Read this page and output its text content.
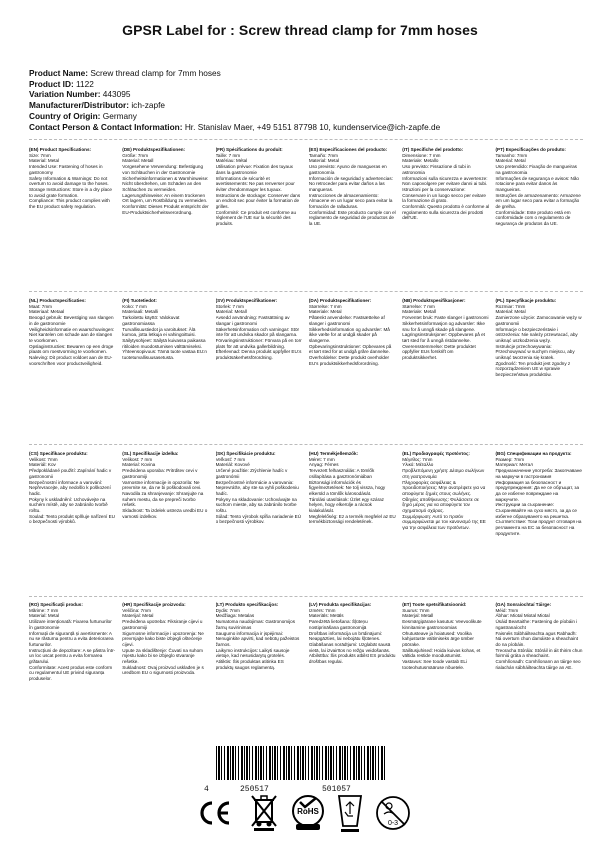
GPSR Label for : Screw thread clamp for 7mm hoses
Product Name: Screw thread clamp for 7mm hoses
Product ID: 1122
Variation Number: 443095
Manufacturer/Distributor: ich-zapfe
Country of Origin: Germany
Contact Person & Contact Information: Hr. Stanislav Maer, +49 5151 87798 10, kundenservice@ich-zapfe.de
(EN) Product Specifications:
Size: 7mm
Material: Metal
Intended Use: Fastening of hoses in gastronomy
Safety Information & Warnings: Do not overturn to avoid damage to the hoses.
Storage Instructions: Store in a dry place to avoid grate formation.
Compliance: This product complies with the EU product safety regulation.
(DE) Produktspezifikationen:
Größe: 7mm
Material: Metall
Vorgesehene Verwendung: Befestigung von Schläuchen in der Gastronomie
Sicherheitsinformationen & Warnhinweise: Nicht überdrehen, um Schäden an den Schläuchen zu vermeiden.
Lagerungshinweise: An einem trockenen Ort lagern, um Rostbildung zu vermeiden.
Konformität: Dieses Produkt entspricht der EU-Produktsicherheitsverordnung.
(FR) Spécifications du produit:
Taille: 7 mm
Matériau: Métal
Utilisation prévue: Fixation des tuyaux dans la gastronomie
Informations de sécurité et avertissements: Ne pas renverser pour éviter d'endommager les tuyaux.
Instructions de stockage: Conserver dans un endroit sec pour éviter la formation de grilles.
Conformité: Ce produit est conforme au règlement de l'UE sur la sécurité des produits.
(ES) Especificaciones del producto:
Tamaño: 7mm
Material: Metal
Uso previsto: Ayuno de mangueras en gastronomía
Información de seguridad y advertencias: No retroceder para evitar daños a las mangueras.
Instrucciones de almacenamiento: Almacene en un lugar seco para evitar la formación de ralladuras.
Conformidad: Este producto cumple con el reglamento de seguridad de productos de la UE.
(IT) Specifiche del prodotto:
Dimensione: 7 mm
Materiale: Metallo
Uso previsto: Fissazione di tubi in astronomia
Informazioni sulla sicurezza e avvertenze: Non capovolgere per evitare danni ai tubi.
Istruzioni per la conservazione: Conservare in un luogo secco per evitare la formazione di grato.
Conformità: Questo prodotto è conforme al regolamento sulla sicurezza dei prodotti dell'UE.
(PT) Especificações do produto:
Tamanho: 7mm
Material: Metal
Uso pretendido: Fixação de mangueiras na gastronomia
Informações de segurança e avisos: Não rotacione para evitar danos às mangueiras.
Instruções de armazenamento: Armazene em um lugar seco para evitar a formação de grelha.
Conformidade: Este produto está em conformidade com o regulamento de segurança de produtos da UE.
(NL) Productspecificaties:
Maat: 7mm
Materiaal: Metaal
Beoogd gebruik: Bevestiging van slangen in de gastronomie
Veiligheidsinformatie en waarschuwingen: Niet kantelen om schade aan de slangen te voorkomen.
Opslaginstructies: Bewaren op een droge plaats om roestvorming te voorkomen.
Naleving: Dit product voldoet aan de EU-voorschriften voor productveiligheid.
(FI) Tuotetiedot:
Koko: 7 mm
Materiaali: Metalli
Tarkoitettu käyttö: Valokuvat gastronomiassa
Turvallisuustiedot ja varoitukset: Älä kumoa, jotta letkuja ei vahingoittuisi.
Säilytysohjeet: Säilytä kuivassa paikassa ritiloiden muodostumisen välttämiseksi.
Yhteensopivuus: Tämä tuote vastaa EU:n tuoteturvallisuusasetusta.
(SV) Produktspecifikationer:
Storlek: 7 mm
Material: Metall
Avsedd användning: Fastsättning av slangar i gastronomi
Säkerhetsinformation och varningar: Stör inte för att undvika skador på slangarna.
Förvaringsinstruktioner: Förvara på en torr plats för att undvika gallerbildning.
Efterlevnad: Denna produkt uppfyller EU:s produktsäkerhetsförordning.
(DA) Produktspecifikationer:
Størrelse: 7 mm
Materiale: Metal
Påtænkt anvendelse: Fastsættelse af slanger i gastronomi
Sikkerhedsinformation og advarsler: Må ikke vælte for at undgå skader på slangerne.
Opbevaringsinstruktioner: Opbevares på et tørt sted for at undgå gråre dannelse.
Overholdelse: Dette produkt overholder EU's produktsikkerhedsforordning.
(NB) Produktspesifikasjoner:
Størrelse: 7 mm
Materiale: Metall
Forventet bruk: Faste slanger i gastronomi
Sikkerhetsinformasjon og advarsler: Ikke snu for å unngå skade på slangene.
Lagringsinstruksjoner: Oppbevares på et tørt sted for å unngå ristdannelse.
Overensstemmelse: Dette produktet oppfyller EUs forskrift om produktsikkerhet.
(PL) Specyfikacje produktu:
Rozmiar: 7mm
Materiał: Metal
Zamierzone użycie: Zamocowanie węży w gastronomii
Informacje o bezpieczeństwie i ostrzeżenia: Nie należy przewracać, aby uniknąć uszkodzenia węży.
Instrukcje przechowywania: Przechowywać w suchym miejscu, aby uniknąć tworzenia się kratek.
Zgodność: Ten produkt jest zgodny z rozporządzeniem UE w sprawie bezpieczeństwa produktów.
(CS) Specifikace produktu:
Velikost: 7mm
Materiál: Kov
Předpokládané použití: Zapínání hadic v gastronomii
Bezpečnostní informace a varování: Nepřevracejte, aby nedošlo k poškození hadic.
Pokyny k uskladnění: Uchovávejte na suchém místě, aby se zabránilo tvorbě roštu.
Soulad: Tento produkt splňuje nařízení EU o bezpečnosti výrobků.
(SL) Specifikacije izdelka:
Velikost: 7 mm
Material: Kovina
Predvidena uporaba: Pritrditev cevi v gastronomiji
Varnostne informacije in opozorila: Ne prevrnite se, da ne bi poškodovali cevi.
Navodila za shranjevanje: Shranjujte na suhem mestu, da se prepreči tvorbo rešetk.
Skladnost: Ta izdelek ustreza uredbi EU o varnosti izdelkov.
(SK) Špecifikácie produktu:
Veľkosť: 7 mm
Materiál: Kovové
Určené použitie: Zrýchlenie hadíc v gastronómii
Bezpečnostné informácie a varovania: Neprevráťte, aby ste sa vyhli poškodeniu hadíc.
Pokyny na skladovanie: Uchovávajte na suchom mieste, aby sa zabránilo tvorbe roštu.
Súlad: Tento výrobok spĺňa nariadenie EÚ o bezpečnosti výrobkov.
(HU) Termékjellemzők:
Méret: 7 mm
Anyag: Fémes
Tervezett felhasználás: A tömlők csillapítása a gasztronómiában
Biztonsági információk és figyelmeztetések: Ne tolj vissza, hogy elkerüld a tömlők károsodását.
Tárolási utasítások: Üzlet egy száraz helyen, hogy elkerülje a rácsok kialakulását.
Megfelelőség: Ez a termék megfelel az EU termékbiztonsági rendeletének.
(EL) Προδιαγραφές προϊόντος:
Μέγεθος: 7mm
Υλικό: Μέταλλο
Προβλεπόμενη χρήση: Δέσιμο σωλήνων στη γαστρονομία
Πληροφορίες ασφάλειας & προειδοποιήσεις: Μην ανατρέψετε για να αποφύγετε ζημιές στους σωλήνες.
Οδηγίες αποθήκευσης: Φυλάσσετε σε ξηρό μέρος για να αποφύγετε τον σχηματισμό σχάρας.
Συμμόρφωση: Αυτό το προϊόν συμμορφώνεται με τον κανονισμό της ΕΕ για την ασφάλεια των προϊόντων.
(BG) Спецификации на продукта:
Размер: 7mm
Материал: Метал
Предназначение употреба: Закопчаване на маркучи в гастрономия
Информация за безопасност и предупреждения: Да не се обръщат, за да се избегне повреждане на маркучите.
Инструкции за съхранение: Съхранявайте на сухо място, за да се избегне образуването на решетка.
Съответствие: Този продукт отговаря на регламента на ЕС за безопасност на продуктите.
(RO) Specificații produs:
Mărime: 7 mm
Material: Metal
Utilizare intenționată: Fixarea furtunurilor în gastronomie
Informații de siguranță și avertismente: A nu se răsturna pentru a evita deteriorarea furtunurilor.
Instrucțiuni de depozitare: A se păstra într-un loc uscat pentru a evita formarea grătarului.
Conformitate: Acest produs este conform cu regulamentul UE privind siguranța produselor.
(HR) Specifikacije proizvoda:
Veličina: 7mm
Materijal: Metal
Predviđena upotreba: Fiksiranje cijevi u gastronomiji
Sigurnosne informacije i upozorenja: Ne prevrnjajte kako biste izbjegli oštećenje cijevi.
Upute za skladištenje: Čuvati na suhom mjestu kako bi se izbjeglo stvaranje rešetke.
Sukladnost: Ovaj proizvod usklađen je s uredbom EU o sigurnosti proizvoda.
(LT) Produkto specifikacijos:
Dydis: 7mm
Medžiaga: Metalas
Numatoma naudojimas: Gastronomijos žarnų suvirinimas
Saugumo informacija ir įspėjimai: Nenuginkite apvirti, kad nebūtų pažeistos žarnos.
Laikymo instrukcijos: Laikyti sausoje vietoje, kad nesusidarytų grotelės.
Atitiktis: Šis produktas atitinka ES produktų saugos reglamentą.
(LV) Produkta specifikācijas:
Izmērs: 7mm
Materiāls: Metāls
Paredzētā lietošana: Šļūteņu nostiprināšana gastronomijā
Drošības informācija un brīdinājumi: Neapgāzties, lai nebojātu šļūtenes.
Glabāšanas norādījumi: Uzglabāt sausā vietā, lai izvairītos no režģu veidošanās.
Atbilstība: Šis produkts atbilst ES produktu drošības regulai.
(ET) Toote spetsifikatsioonid:
Suurus: 7mm
Materjal: Metall
Eesmärgipärane kasutus: Veevoolikute kinnitamine gastronoomias
Ohutusteave ja hoiatused: Voolika kahjustuste vältimiseks ärge ümber pöörake.
Säilitusjuhised: Hoida kuivas kohas, et vältida restide moodustumist.
Vastavus: See toode vastab ELi tooteohutusmääruse nõuetele.
(GA) Sonraíochtaí Táirge:
Méid: 7mm
Ábhar: Miotal Miotal Miotal
Úsáid Beartaithe: Fastening de píobáin i ngastranaíocht
Faisnéis Sábháilteachta agus Rabhadh: Ná overturn chun damáiste a sheachaint do na píobáin.
Treoracha Stórála: Stóráil in áit thirim chun foirmiú gráta a sheachaint.
Comhlíonadh: Comhlíonann an táirge seo rialachán sábháilteachta táirge an AE.
4	250517	501057
RoHS
0-3
